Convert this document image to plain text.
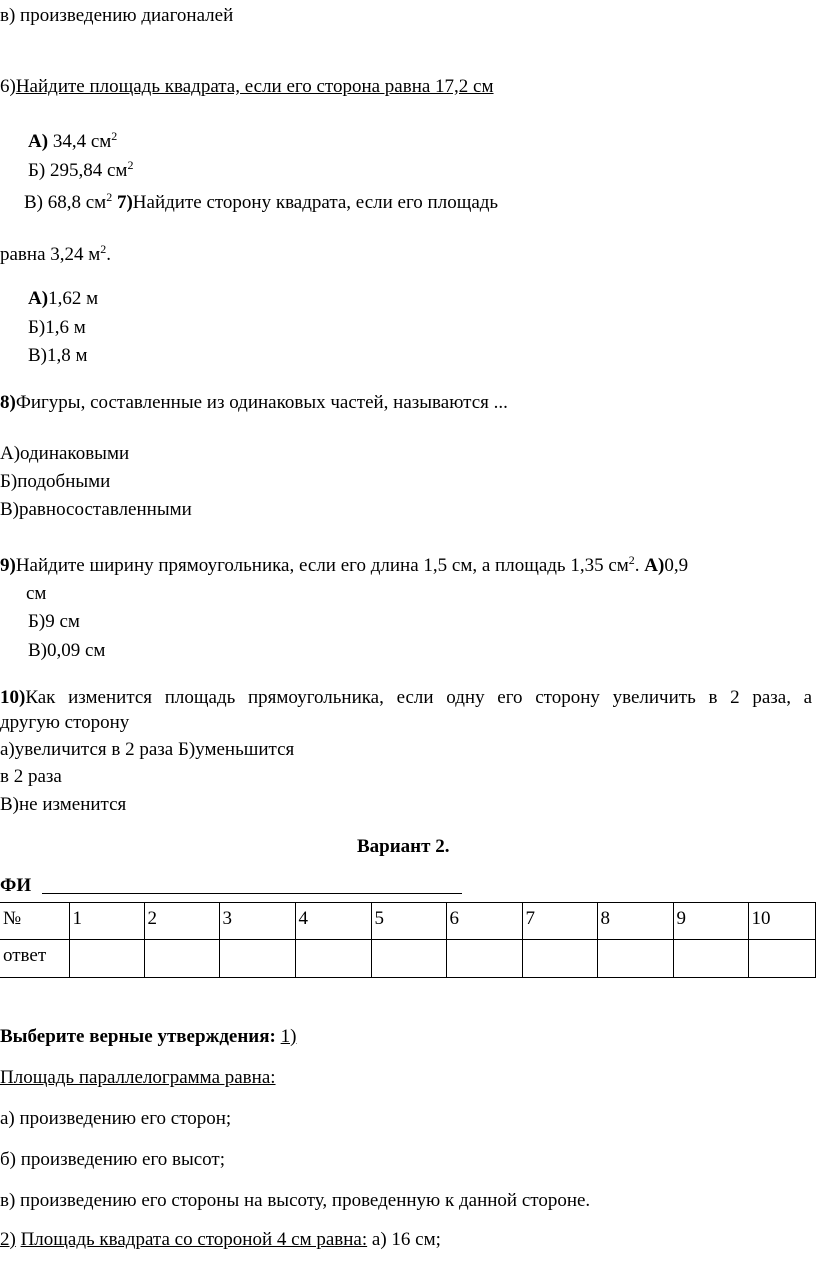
в) произведению диагоналей
6)Найдите площадь квадрата, если его сторона равна 17,2 см
А) 34,4 $см^2$
Б) 295,84 $см^2$
В) 68,8 $см^2$ 7)Найдите сторону квадрата, если его площадь
равна 3,24 $м^2$.
А)1,62 м
Б)1,6 м
В)1,8 м
8)Фигуры, составленные из одинаковых частей, называются ...
А)одинаковыми
Б)подобными
В)равносоставленными
9)Найдите ширину прямоугольника, если его длина 1,5 см, а площадь 1,35 $см^2$. А)0,9
см
Б)9 см
В)0,09 см
10)Как изменится площадь прямоугольника, если одну его сторону увеличить в 2 раза, а
другую сторону
а)увеличится в 2 раза Б)уменьшится
в 2 раза
В)не изменится
Вариант 2.
ФИ
№	1	2	3	4	5	6	7	8	9	10
ответ										
Выберите верные утверждения: 1)
Площадь параллелограмма равна:
а) произведению его сторон;
б) произведению его высот;
в) произведению его стороны на высоту, проведенную к данной стороне.
2) Площадь квадрата со стороной 4 см равна: а) 16 см;
